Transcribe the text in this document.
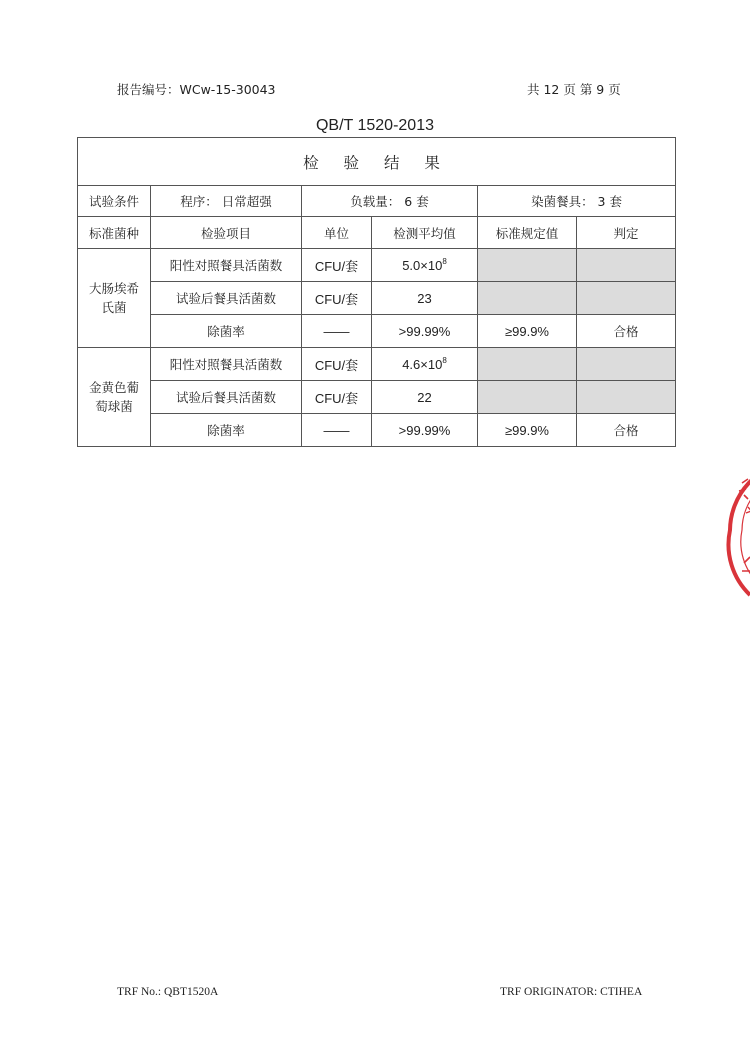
报告编号：WCw-15-30043	共 12 页 第 9 页
QB/T 1520-2013
检 验 结 果					
试验条件	程序： 日常超强	负载量： 6 套		染菌餐具： 3 套	
标准菌种	检验项目	单位	检测平均值	标准规定值	判定

大肠埃希氏菌	阳性对照餐具活菌数	CFU/套	$5.0\times 10^8$		
	试验后餐具活菌数	CFU/套	23		
	除菌率	——	>99.99%	≥99.9%	合格

金黄色葡萄球菌	阳性对照餐具活菌数	CFU/套	$4.6\times 10^8$		
	试验后餐具活菌数	CFU/套	22		
	除菌率	——	>99.99%	≥99.9%	合格
TRF No.: QBT1520A	TRF ORIGINATOR: CTIHEA
